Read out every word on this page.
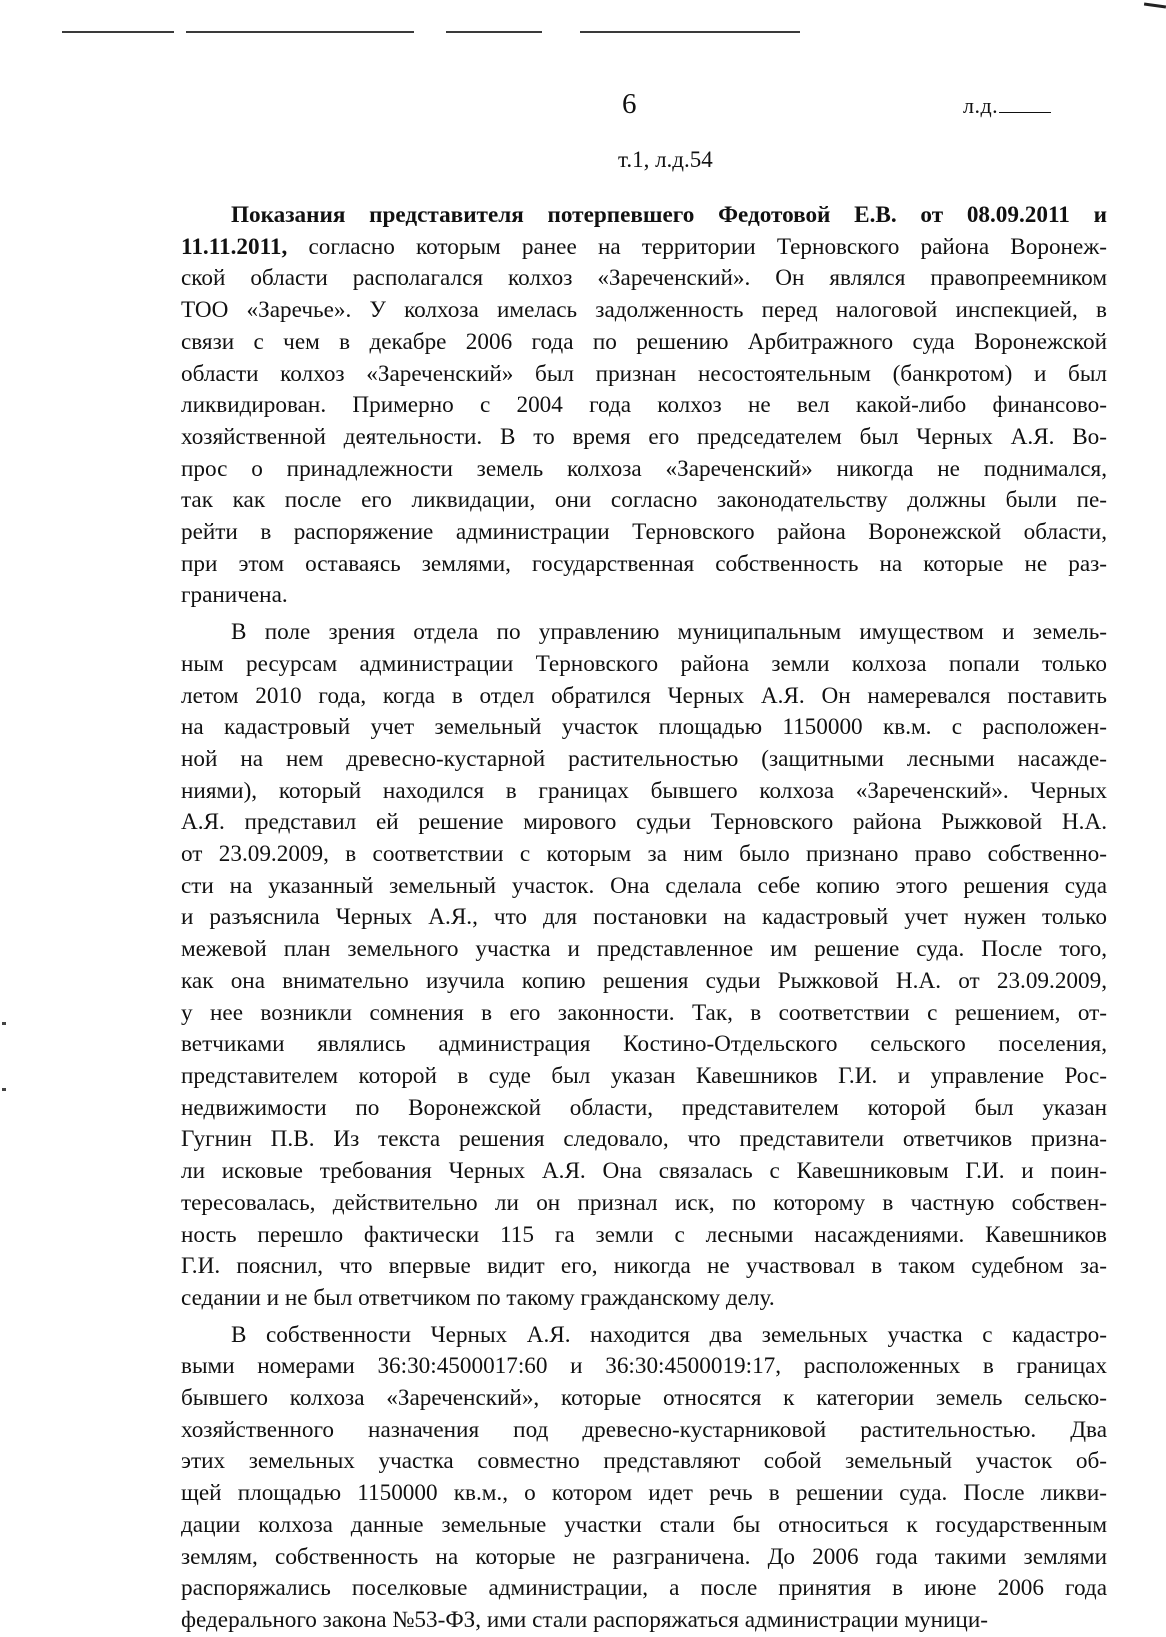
6	л.д.
т.1, л.д.54
Показания представителя потерпевшего Федотовой Е.В. от 08.09.2011 и
11.11.2011, согласно которым ранее на территории Терновского района Воронеж-
ской области располагался колхоз «Зареченский». Он являлся правопреемником
ТОО «Заречье». У колхоза имелась задолженность перед налоговой инспекцией, в
связи с чем в декабре 2006 года по решению Арбитражного суда Воронежской
области колхоз «Зареченский» был признан несостоятельным (банкротом) и был
ликвидирован. Примерно с 2004 года колхоз не вел какой-либо финансово-
хозяйственной деятельности. В то время его председателем был Черных А.Я. Во-
прос о принадлежности земель колхоза «Зареченский» никогда не поднимался,
так как после его ликвидации, они согласно законодательству должны были пе-
рейти в распоряжение администрации Терновского района Воронежской области,
при этом оставаясь землями, государственная собственность на которые не раз-
граничена.
В поле зрения отдела по управлению муниципальным имуществом и земель-
ным ресурсам администрации Терновского района земли колхоза попали только
летом 2010 года, когда в отдел обратился Черных А.Я. Он намеревался поставить
на кадастровый учет земельный участок площадью 1150000 кв.м. с расположен-
ной на нем древесно-кустарной растительностью (защитными лесными насажде-
ниями), который находился в границах бывшего колхоза «Зареченский». Черных
А.Я. представил ей решение мирового судьи Терновского района Рыжковой Н.А.
от 23.09.2009, в соответствии с которым за ним было признано право собственно-
сти на указанный земельный участок. Она сделала себе копию этого решения суда
и разъяснила Черных А.Я., что для постановки на кадастровый учет нужен только
межевой план земельного участка и представленное им решение суда. После того,
как она внимательно изучила копию решения судьи Рыжковой Н.А. от 23.09.2009,
у нее возникли сомнения в его законности. Так, в соответствии с решением, от-
ветчиками являлись администрация Костино-Отдельского сельского поселения,
представителем которой в суде был указан Кавешников Г.И. и управление Рос-
недвижимости по Воронежской области, представителем которой был указан
Гугнин П.В. Из текста решения следовало, что представители ответчиков призна-
ли исковые требования Черных А.Я. Она связалась с Кавешниковым Г.И. и поин-
тересовалась, действительно ли он признал иск, по которому в частную собствен-
ность перешло фактически 115 га земли с лесными насаждениями. Кавешников
Г.И. пояснил, что впервые видит его, никогда не участвовал в таком судебном за-
седании и не был ответчиком по такому гражданскому делу.
В собственности Черных А.Я. находится два земельных участка с кадастро-
выми номерами 36:30:4500017:60 и 36:30:4500019:17, расположенных в границах
бывшего колхоза «Зареченский», которые относятся к категории земель сельско-
хозяйственного назначения под древесно-кустарниковой растительностью. Два
этих земельных участка совместно представляют собой земельный участок об-
щей площадью 1150000 кв.м., о котором идет речь в решении суда. После ликви-
дации колхоза данные земельные участки стали бы относиться к государственным
землям, собственность на которые не разграничена. До 2006 года такими землями
распоряжались поселковые администрации, а после принятия в июне 2006 года
федерального закона №53-ФЗ, ими стали распоряжаться администрации муници-
